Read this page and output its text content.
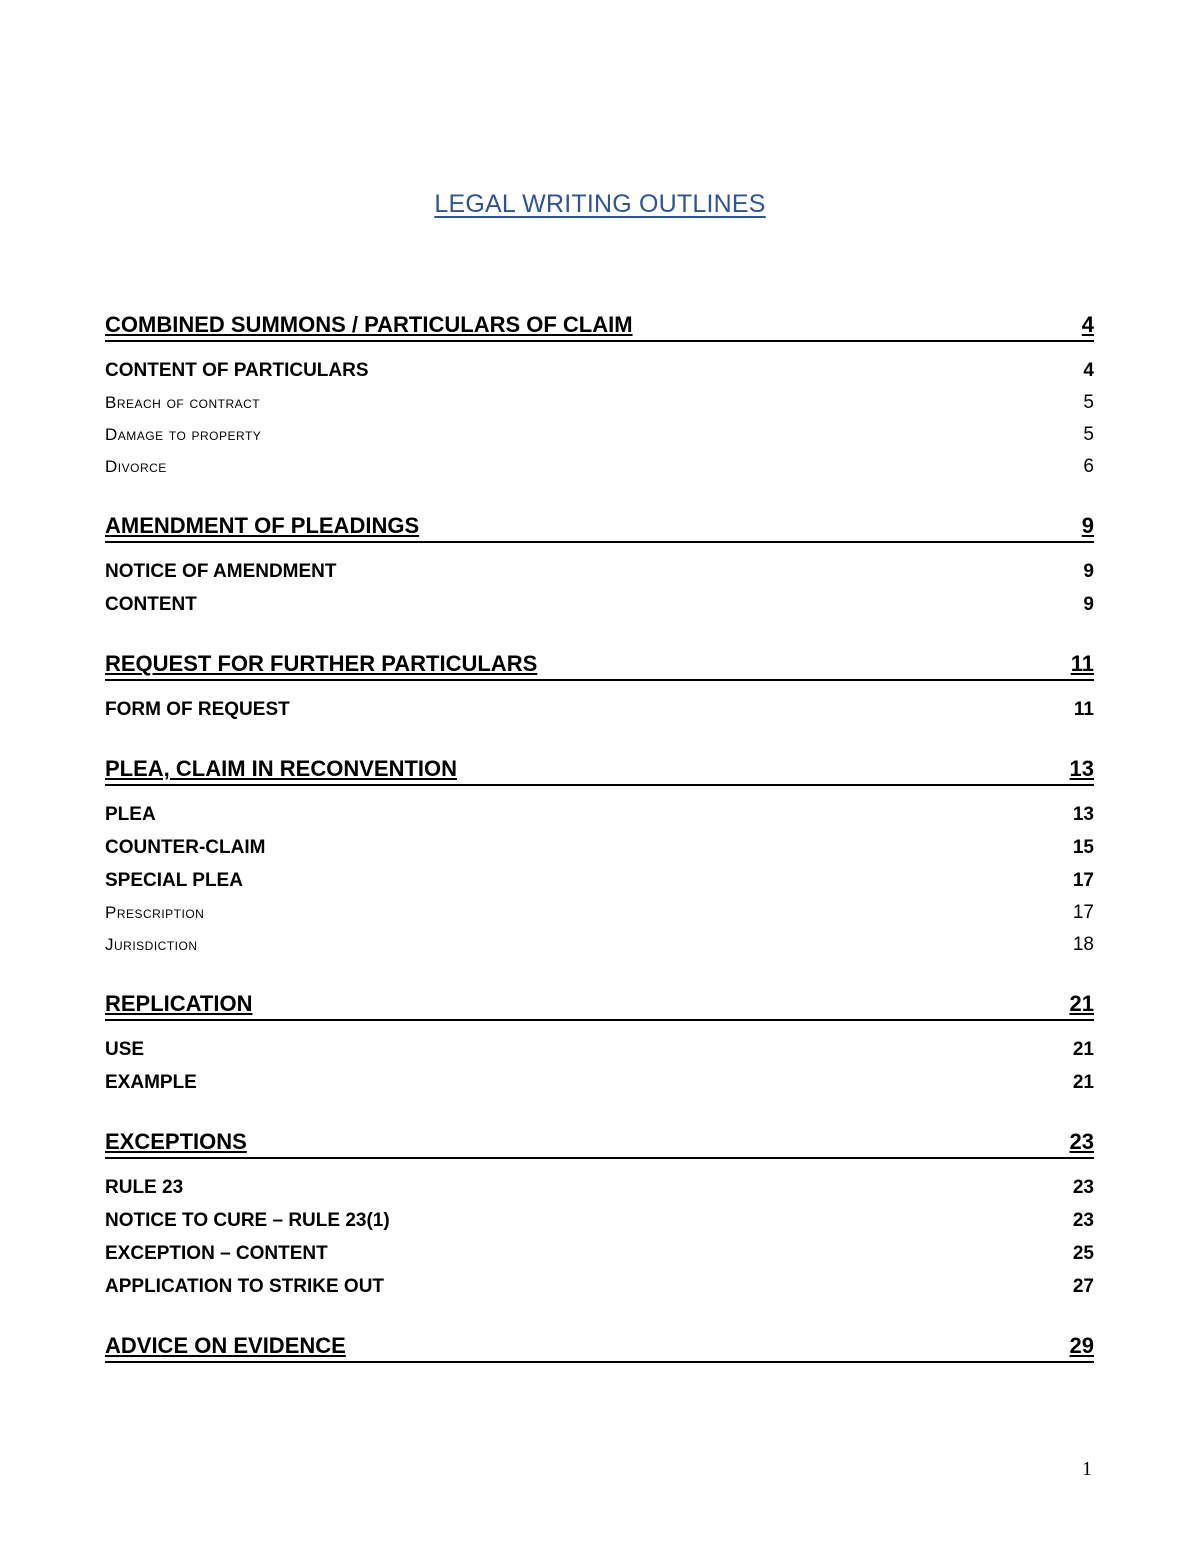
LEGAL WRITING OUTLINES
COMBINED SUMMONS / PARTICULARS OF CLAIM	4
CONTENT OF PARTICULARS	4
Breach of contract	5
Damage to property	5
Divorce	6
AMENDMENT OF PLEADINGS	9
NOTICE OF AMENDMENT	9
CONTENT	9
REQUEST FOR FURTHER PARTICULARS	11
FORM OF REQUEST	11
PLEA, CLAIM IN RECONVENTION	13
PLEA	13
COUNTER-CLAIM	15
SPECIAL PLEA	17
Prescription	17
Jurisdiction	18
REPLICATION	21
USE	21
EXAMPLE	21
EXCEPTIONS	23
RULE 23	23
NOTICE TO CURE – RULE 23(1)	23
EXCEPTION – CONTENT	25
APPLICATION TO STRIKE OUT	27
ADVICE ON EVIDENCE	29
1
